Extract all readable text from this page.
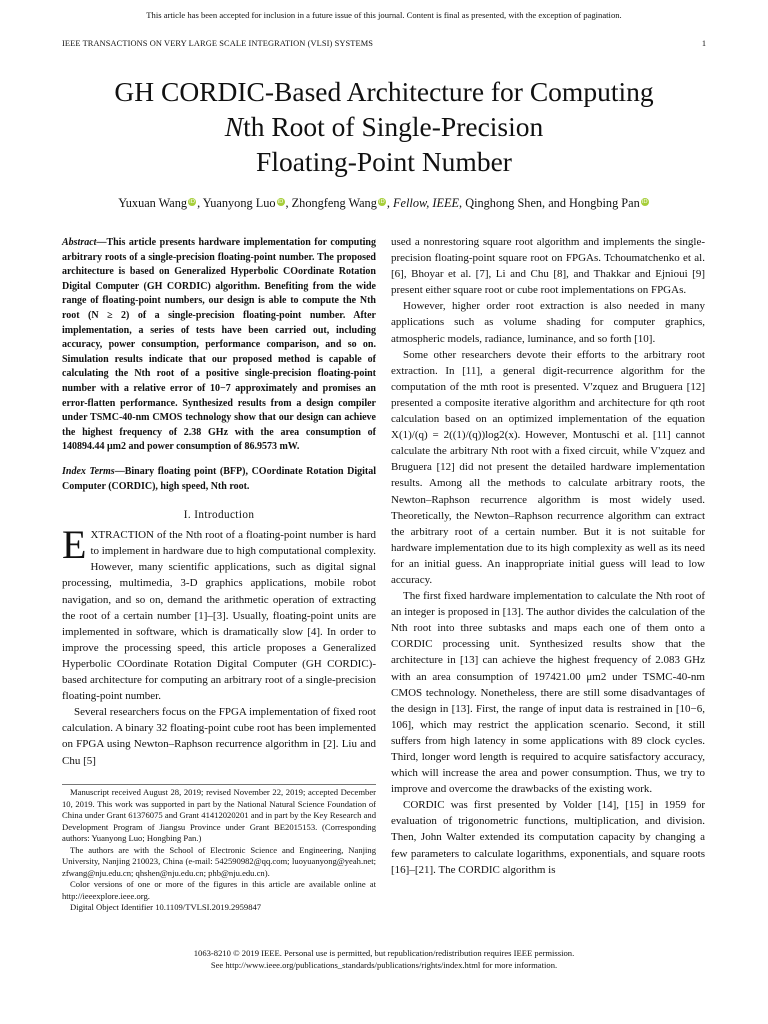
This article has been accepted for inclusion in a future issue of this journal. Content is final as presented, with the exception of pagination.
IEEE TRANSACTIONS ON VERY LARGE SCALE INTEGRATION (VLSI) SYSTEMS	1
GH CORDIC-Based Architecture for Computing
Nth Root of Single-Precision
Floating-Point Number
Yuxuan Wang iD , Yuanyong Luo iD , Zhongfeng Wang iD , Fellow, IEEE, Qinghong Shen, and Hongbing Pan iD
Abstract—This article presents hardware implementation for computing arbitrary roots of a single-precision floating-point number. The proposed architecture is based on Generalized Hyperbolic COordinate Rotation Digital Computer (GH CORDIC) algorithm. Benefiting from the wide range of floating-point numbers, our design is able to compute the Nth root (N ≥ 2) of a single-precision floating-point number. After implementation, a series of tests have been carried out, including accuracy, power consumption, performance comparison, and so on. Simulation results indicate that our proposed method is capable of calculating the Nth root of a positive single-precision floating-point number with a relative error of 10−7 approximately and promises an error-flatten performance. Synthesized results from a design compiler under TSMC-40-nm CMOS technology show that our design can achieve the highest frequency of 2.38 GHz with the area consumption of 140894.44 μm2 and power consumption of 86.9573 mW.
Index Terms—Binary floating point (BFP), COordinate Rotation Digital Computer (CORDIC), high speed, Nth root.
I. Introduction
EXTRACTION of the Nth root of a floating-point number is hard to implement in hardware due to high computational complexity. However, many scientific applications, such as digital signal processing, multimedia, 3-D graphics applications, mobile robot navigation, and so on, demand the arithmetic operation of extracting the root of a certain number [1]–[3]. Usually, floating-point units are implemented in software, which is dramatically slow [4]. In order to improve the processing speed, this article proposes a Generalized Hyperbolic COordinate Rotation Digital Computer (GH CORDIC)-based architecture for computing an arbitrary root of a single-precision floating-point number.
Several researchers focus on the FPGA implementation of fixed root calculation. A binary 32 floating-point cube root has been implemented on FPGA using Newton–Raphson recurrence algorithm in [2]. Liu and Chu [5]
Manuscript received August 28, 2019; revised November 22, 2019; accepted December 10, 2019. This work was supported in part by the National Natural Science Foundation of China under Grant 61376075 and Grant 41412020201 and in part by the Key Research and Development Program of Jiangsu Province under Grant BE2015153. (Corresponding authors: Yuanyong Luo; Hongbing Pan.)
The authors are with the School of Electronic Science and Engineering, Nanjing University, Nanjing 210023, China (e-mail: 542590982@qq.com; luoyuanyong@yeah.net; zfwang@nju.edu.cn; qhshen@nju.edu.cn; phb@nju.edu.cn).
Color versions of one or more of the figures in this article are available online at http://ieeexplore.ieee.org.
Digital Object Identifier 10.1109/TVLSI.2019.2959847
used a nonrestoring square root algorithm and implements the single-precision floating-point square root on FPGAs. Tchoumatchenko et al. [6], Bhoyar et al. [7], Li and Chu [8], and Thakkar and Ejnioui [9] present either square root or cube root implementations on FPGAs.
However, higher order root extraction is also needed in many applications such as volume shading for computer graphics, atmospheric models, radiance, luminance, and so forth [10].
Some other researchers devote their efforts to the arbitrary root extraction. In [11], a general digit-recurrence algorithm for the computation of the mth root is presented. V'zquez and Bruguera [12] presented a composite iterative algorithm and architecture for qth root calculation based on an optimized implementation of the equation X(1)/(q) = 2((1)/(q))log2(x). However, Montuschi et al. [11] cannot calculate the arbitrary Nth root with a fixed circuit, while V'zquez and Bruguera [12] did not present the detailed hardware implementation results. Among all the methods to calculate arbitrary roots, the Newton–Raphson recurrence algorithm is most widely used. Theoretically, the Newton–Raphson recurrence algorithm can extract the arbitrary root of a certain number. But it is not suitable for hardware implementation due to its high complexity as well as its need for an initial guess. An inappropriate initial guess will lead to low accuracy.
The first fixed hardware implementation to calculate the Nth root of an integer is proposed in [13]. The author divides the calculation of the Nth root into three subtasks and maps each one of them onto a CORDIC processing unit. Synthesized results show that the architecture in [13] can achieve the highest frequency of 2.083 GHz with an area consumption of 197421.00 μm2 under TSMC-40-nm CMOS technology. Nonetheless, there are still some disadvantages of the design in [13]. First, the range of input data is restrained in [10−6, 106], which may restrict the application scenario. Second, it still suffers from high latency in some applications with 89 clock cycles. Third, longer word length is required to acquire satisfactory accuracy, which will increase the area and power consumption. Thus, we try to improve and overcome the drawbacks of the existing work.
CORDIC was first presented by Volder [14], [15] in 1959 for evaluation of trigonometric functions, multiplication, and division. Then, John Walter extended its computation capacity by changing a few parameters to calculate logarithms, exponentials, and square roots [16]–[21]. The CORDIC algorithm is
1063-8210 © 2019 IEEE. Personal use is permitted, but republication/redistribution requires IEEE permission.
See http://www.ieee.org/publications_standards/publications/rights/index.html for more information.
